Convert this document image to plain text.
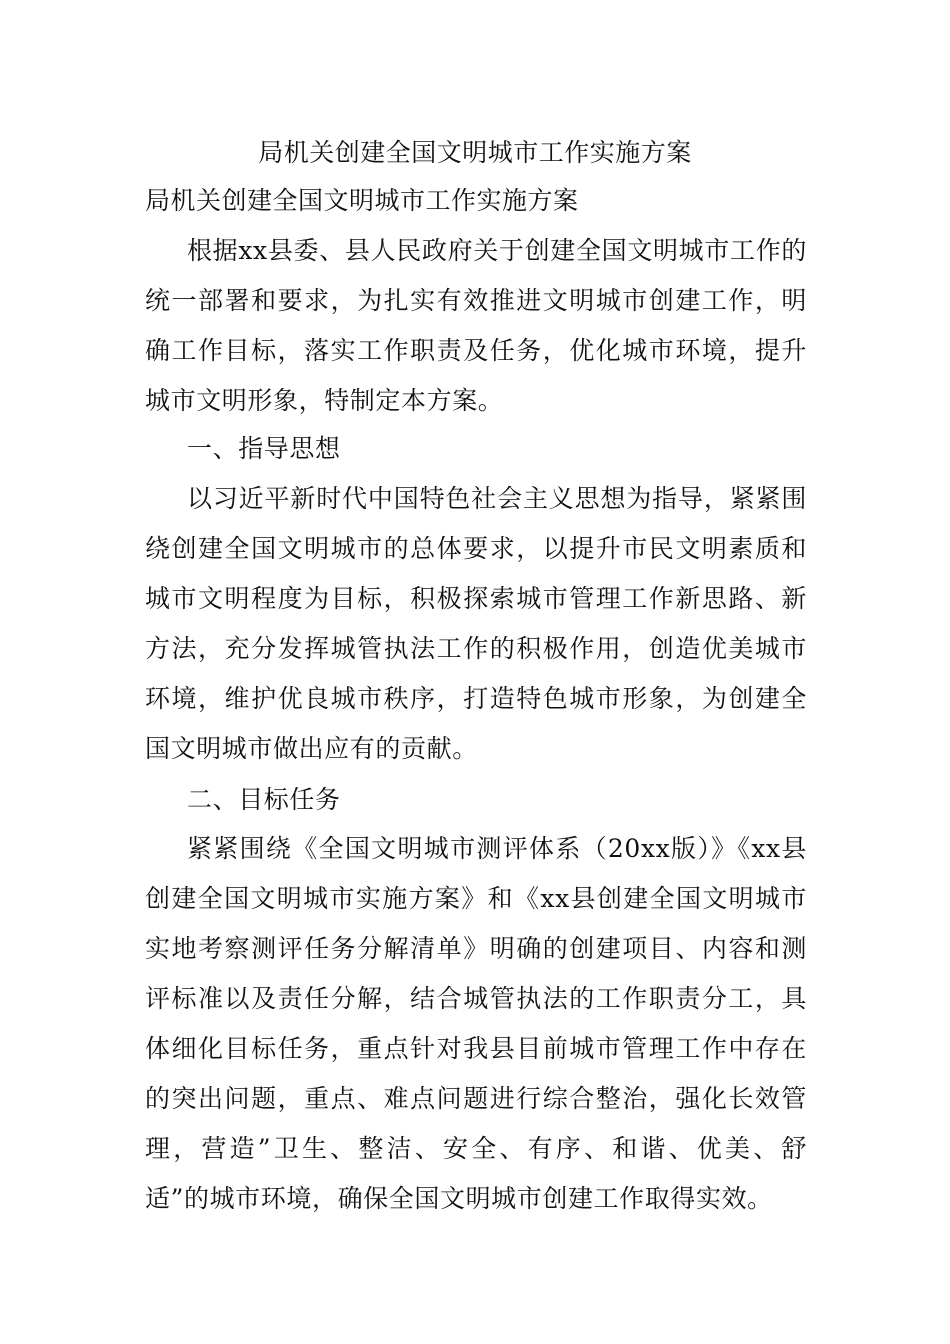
局机关创建全国文明城市工作实施方案
局机关创建全国文明城市工作实施方案

根据xx县委、县人民政府关于创建全国文明城市工作的统一部署和要求，为扎实有效推进文明城市创建工作，明确工作目标，落实工作职责及任务，优化城市环境，提升城市文明形象，特制定本方案。

一、指导思想

以习近平新时代中国特色社会主义思想为指导，紧紧围绕创建全国文明城市的总体要求，以提升市民文明素质和城市文明程度为目标，积极探索城市管理工作新思路、新方法，充分发挥城管执法工作的积极作用，创造优美城市环境，维护优良城市秩序，打造特色城市形象，为创建全国文明城市做出应有的贡献。

二、目标任务

紧紧围绕《全国文明城市测评体系（20xx版）》《xx县创建全国文明城市实施方案》和《xx县创建全国文明城市实地考察测评任务分解清单》明确的创建项目、内容和测评标准以及责任分解，结合城管执法的工作职责分工，具体细化目标任务，重点针对我县目前城市管理工作中存在的突出问题，重点、难点问题进行综合整治，强化长效管理，营造”卫生、整洁、安全、有序、和谐、优美、舒适”的城市环境，确保全国文明城市创建工作取得实效。
